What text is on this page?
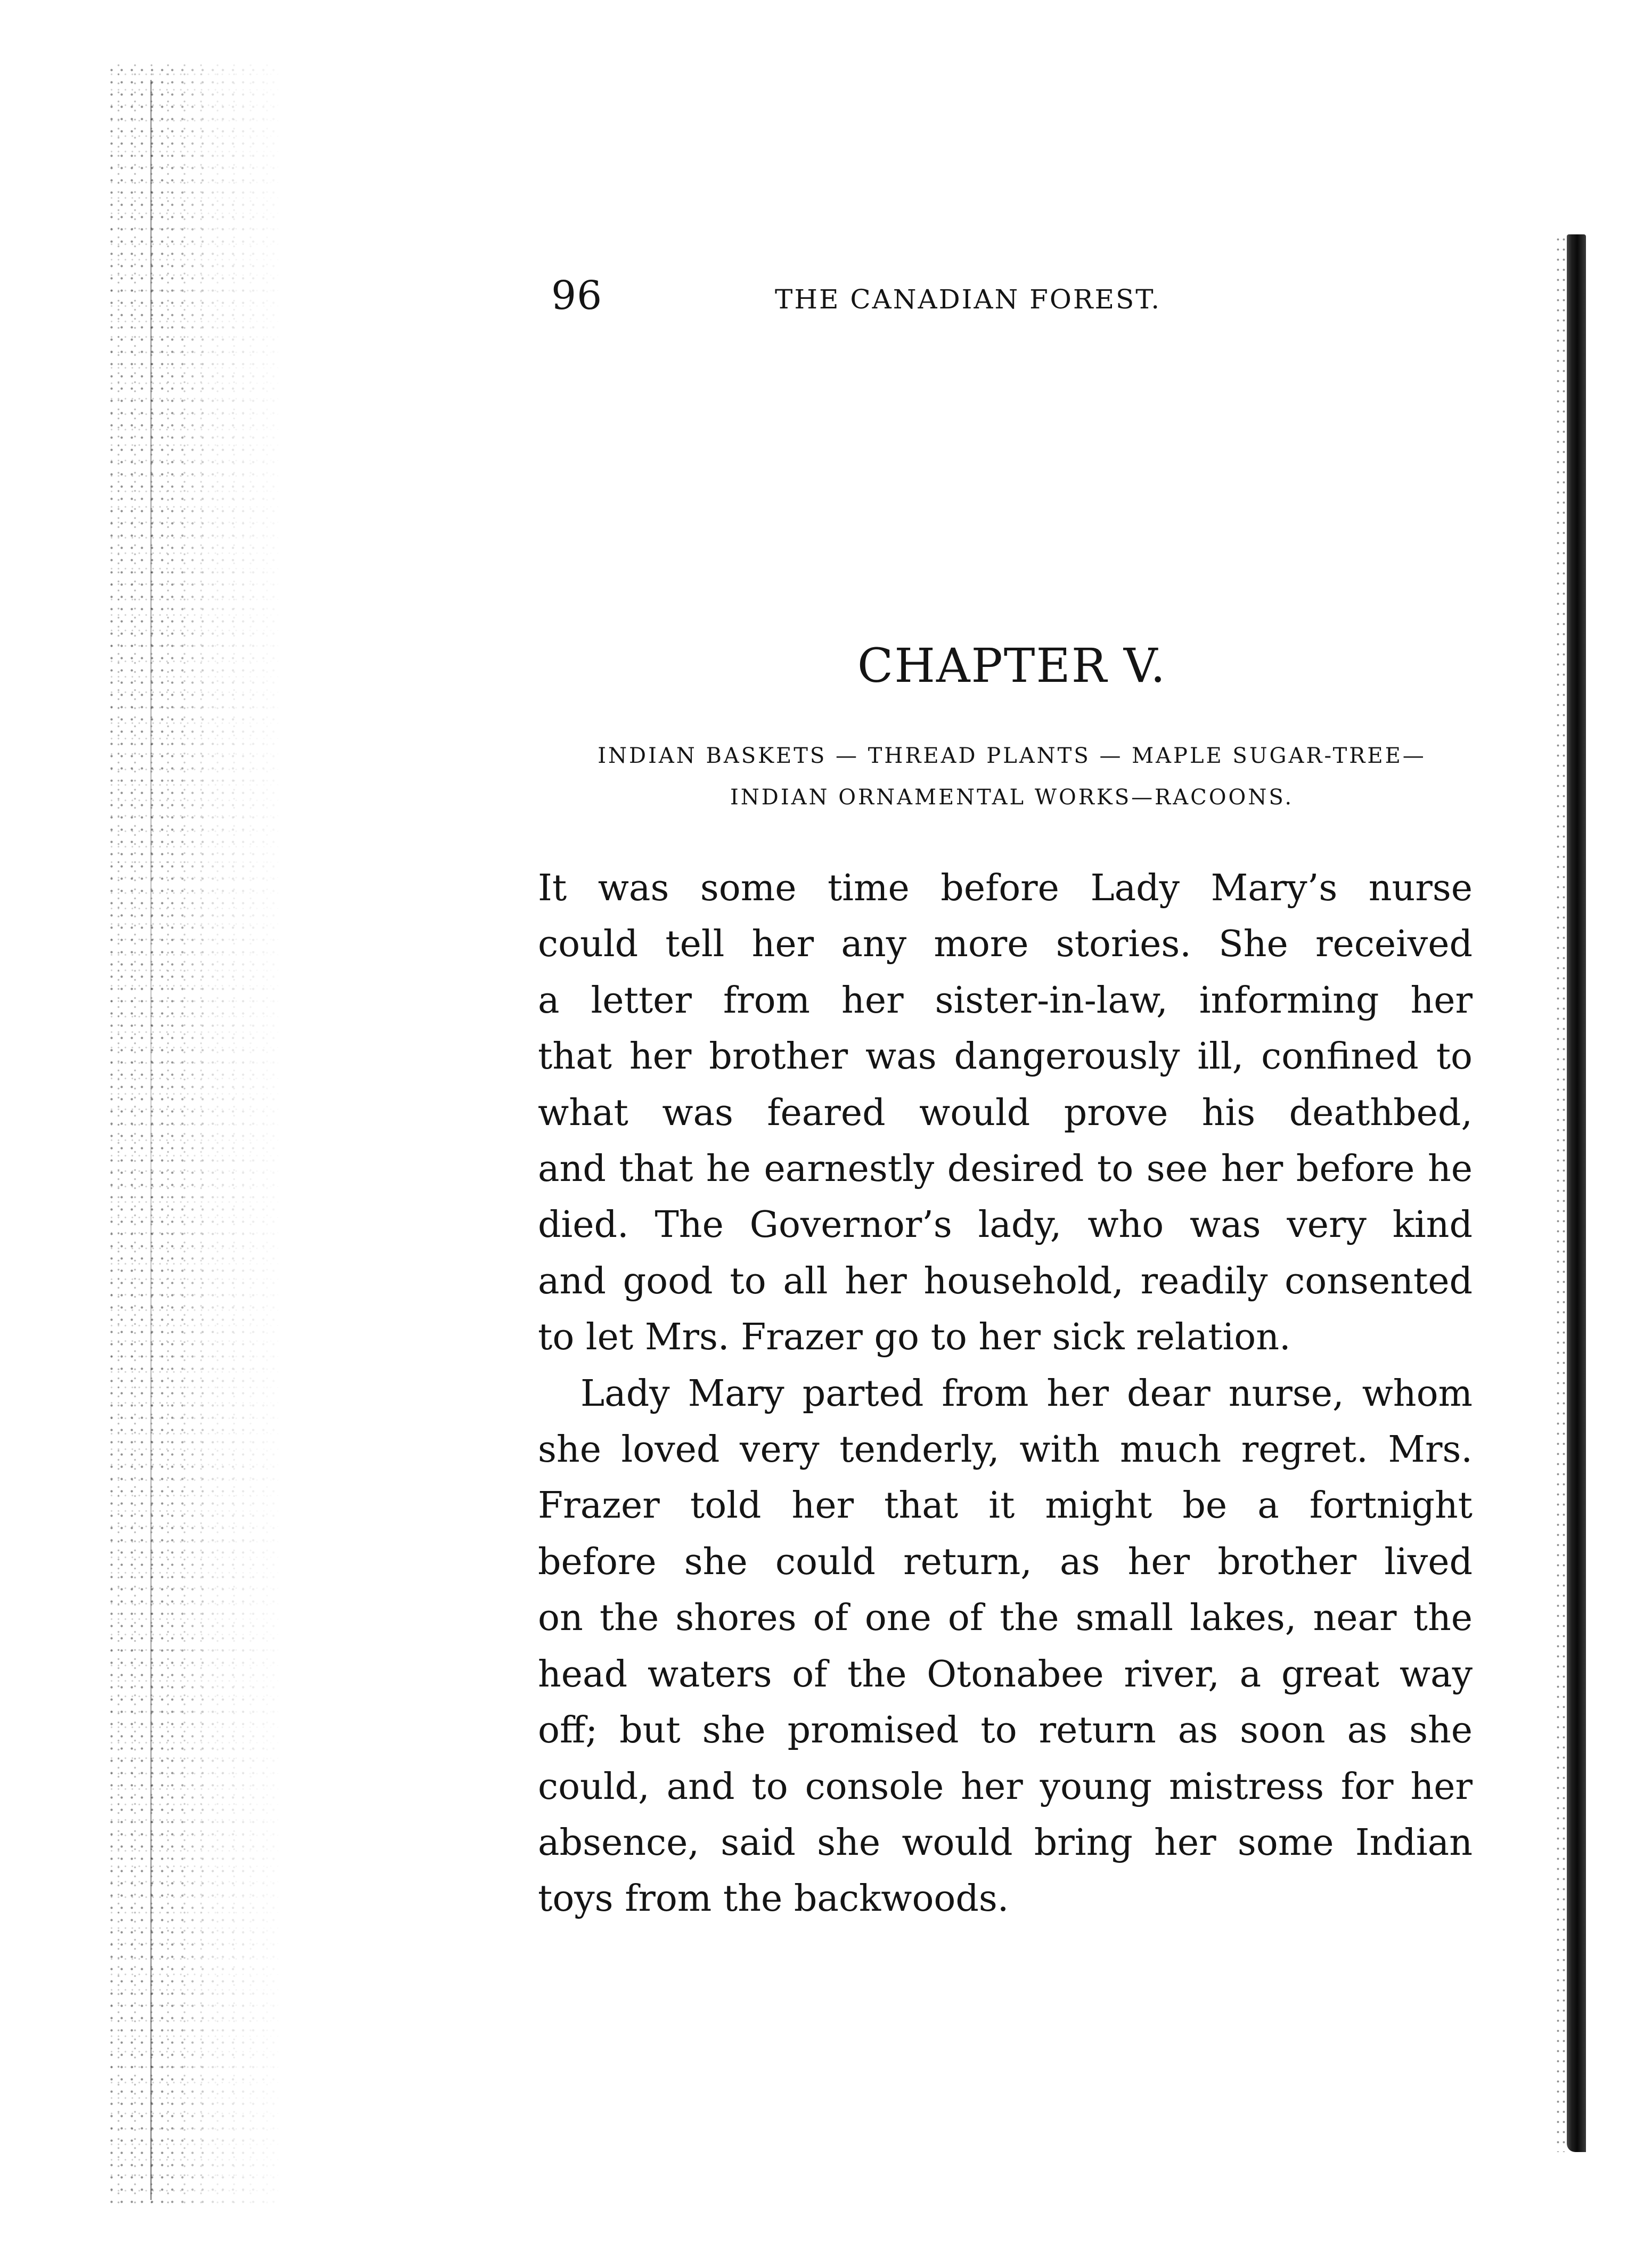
96	THE CANADIAN FOREST.
CHAPTER V.
INDIAN BASKETS — THREAD PLANTS — MAPLE SUGAR-TREE—
INDIAN ORNAMENTAL WORKS—RACOONS.

It was some time before Lady Mary’s nurse

could tell her any more stories. She received

a letter from her sister-in-law, informing her

that her brother was dangerously ill, confined to

what was feared would prove his deathbed,

and that he earnestly desired to see her before he

died. The Governor’s lady, who was very kind

and good to all her household, readily consented

to let Mrs. Frazer go to her sick relation.

Lady Mary parted from her dear nurse, whom

she loved very tenderly, with much regret. Mrs.

Frazer told her that it might be a fortnight

before she could return, as her brother lived

on the shores of one of the small lakes, near the

head waters of the Otonabee river, a great way

off; but she promised to return as soon as she

could, and to console her young mistress for her

absence, said she would bring her some Indian

toys from the backwoods.
